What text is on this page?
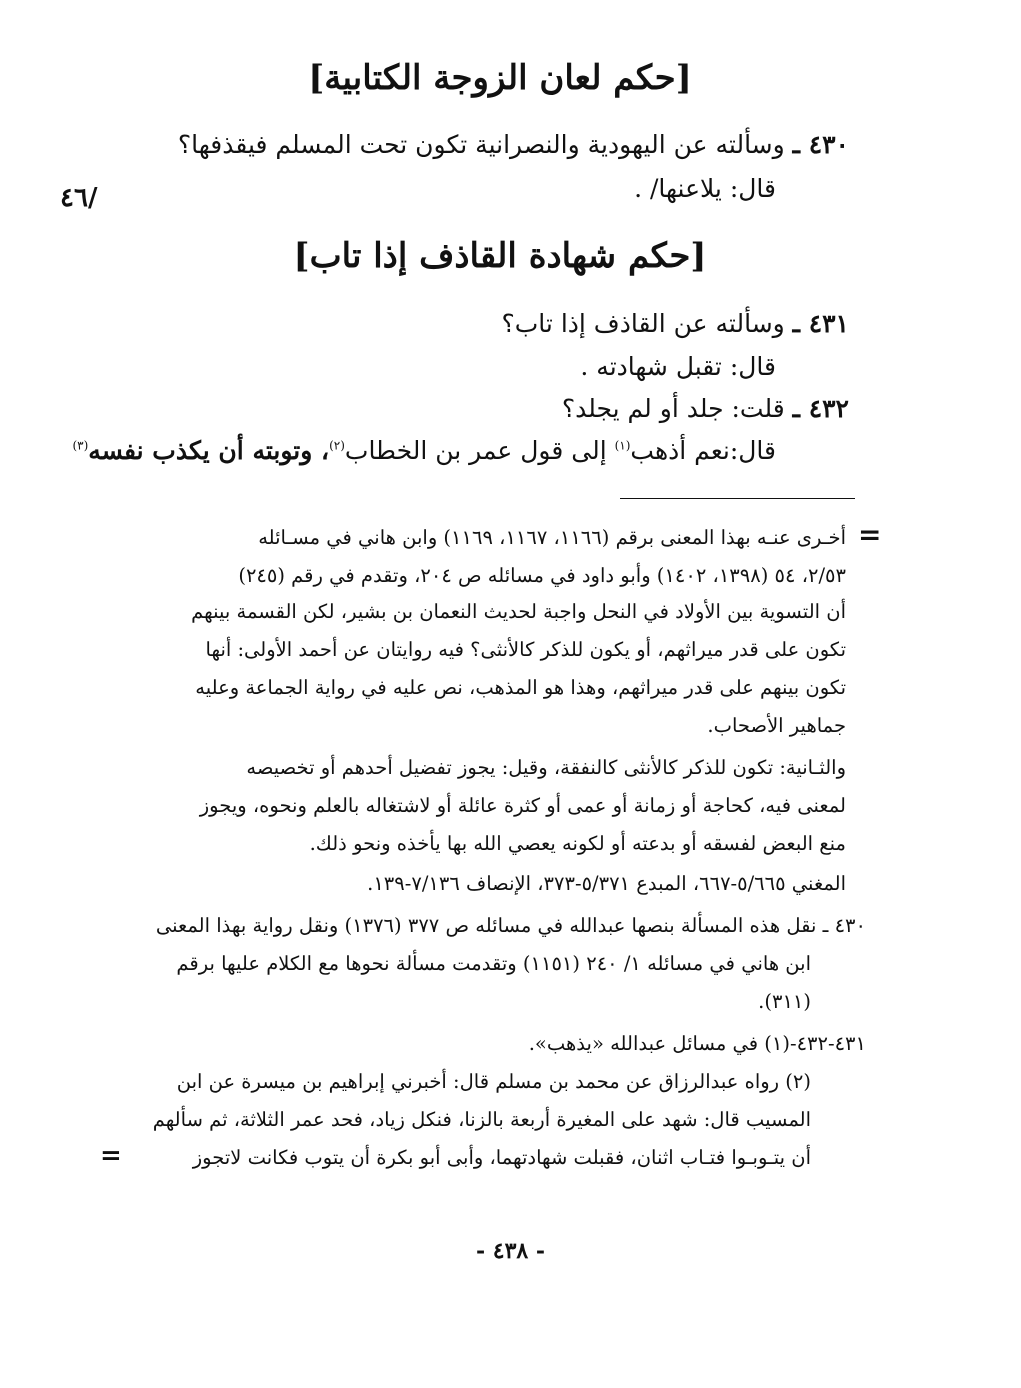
/٤٦
[حكم لعان الزوجة الكتابية]
٤٣٠ ـ وسألته عن اليهودية والنصرانية تكون تحت المسلم فيقذفها؟
قال: يلاعنها/ .
[حكم شهادة القاذف إذا تاب]
٤٣١ ـ وسألته عن القاذف إذا تاب؟
قال: تقبل شهادته .
٤٣٢ ـ قلت: جلد أو لم يجلد؟
قال:نعم أذهب$^{(١)}$ إلى قول عمر بن الخطاب$^{(٢)}$، وتوبته أن يكذب نفسه$^{(٣)}$
=
أخـرى عنـه بهذا المعنى برقم (١١٦٦، ١١٦٧، ١١٦٩) وابن هاني في مسـائله
٢/٥٣، ٥٤ (١٣٩٨، ١٤٠٢) وأبو داود في مسائله ص ٢٠٤، وتقدم في رقم (٢٤٥)
أن التسوية بين الأولاد في النحل واجبة لحديث النعمان بن بشير، لكن القسمة بينهم
تكون على قدر ميراثهم، أو يكون للذكر كالأنثى؟ فيه روايتان عن أحمد الأولى: أنها
تكون بينهم على قدر ميراثهم، وهذا هو المذهب، نص عليه في رواية الجماعة وعليه
جماهير الأصحاب.
والثـانية: تكون للذكر كالأنثى كالنفقة، وقيل: يجوز تفضيل أحدهم أو تخصيصه
لمعنى فيه، كحاجة أو زمانة أو عمى أو كثرة عائلة أو لاشتغاله بالعلم ونحوه، ويجوز
منع البعض لفسقه أو بدعته أو لكونه يعصي الله بها يأخذه ونحو ذلك.
المغني ٥/٦٦٥-٦٦٧، المبدع ٥/٣٧١-٣٧٣، الإنصاف ٧/١٣٦-١٣٩.
٤٣٠ ـ نقل هذه المسألة بنصها عبدالله في مسائله ص ٣٧٧ (١٣٧٦) ونقل رواية بهذا المعنى
ابن هاني في مسائله ١/ ٢٤٠ (١١٥١) وتقدمت مسألة نحوها مع الكلام عليها برقم
(٣١١).
٤٣١-٤٣٢-(١) في مسائل عبدالله «يذهب».
(٢) رواه عبدالرزاق عن محمد بن مسلم قال: أخبرني إبراهيم بن ميسرة عن ابن
المسيب قال: شهد على المغيرة أربعة بالزنا، فنكل زياد، فحد عمر الثلاثة، ثم سألهم
أن يتـوبـوا فتـاب اثنان، فقبلت شهادتهما، وأبى أبو بكرة أن يتوب فكانت لاتجوز
=
- ٤٣٨ -
